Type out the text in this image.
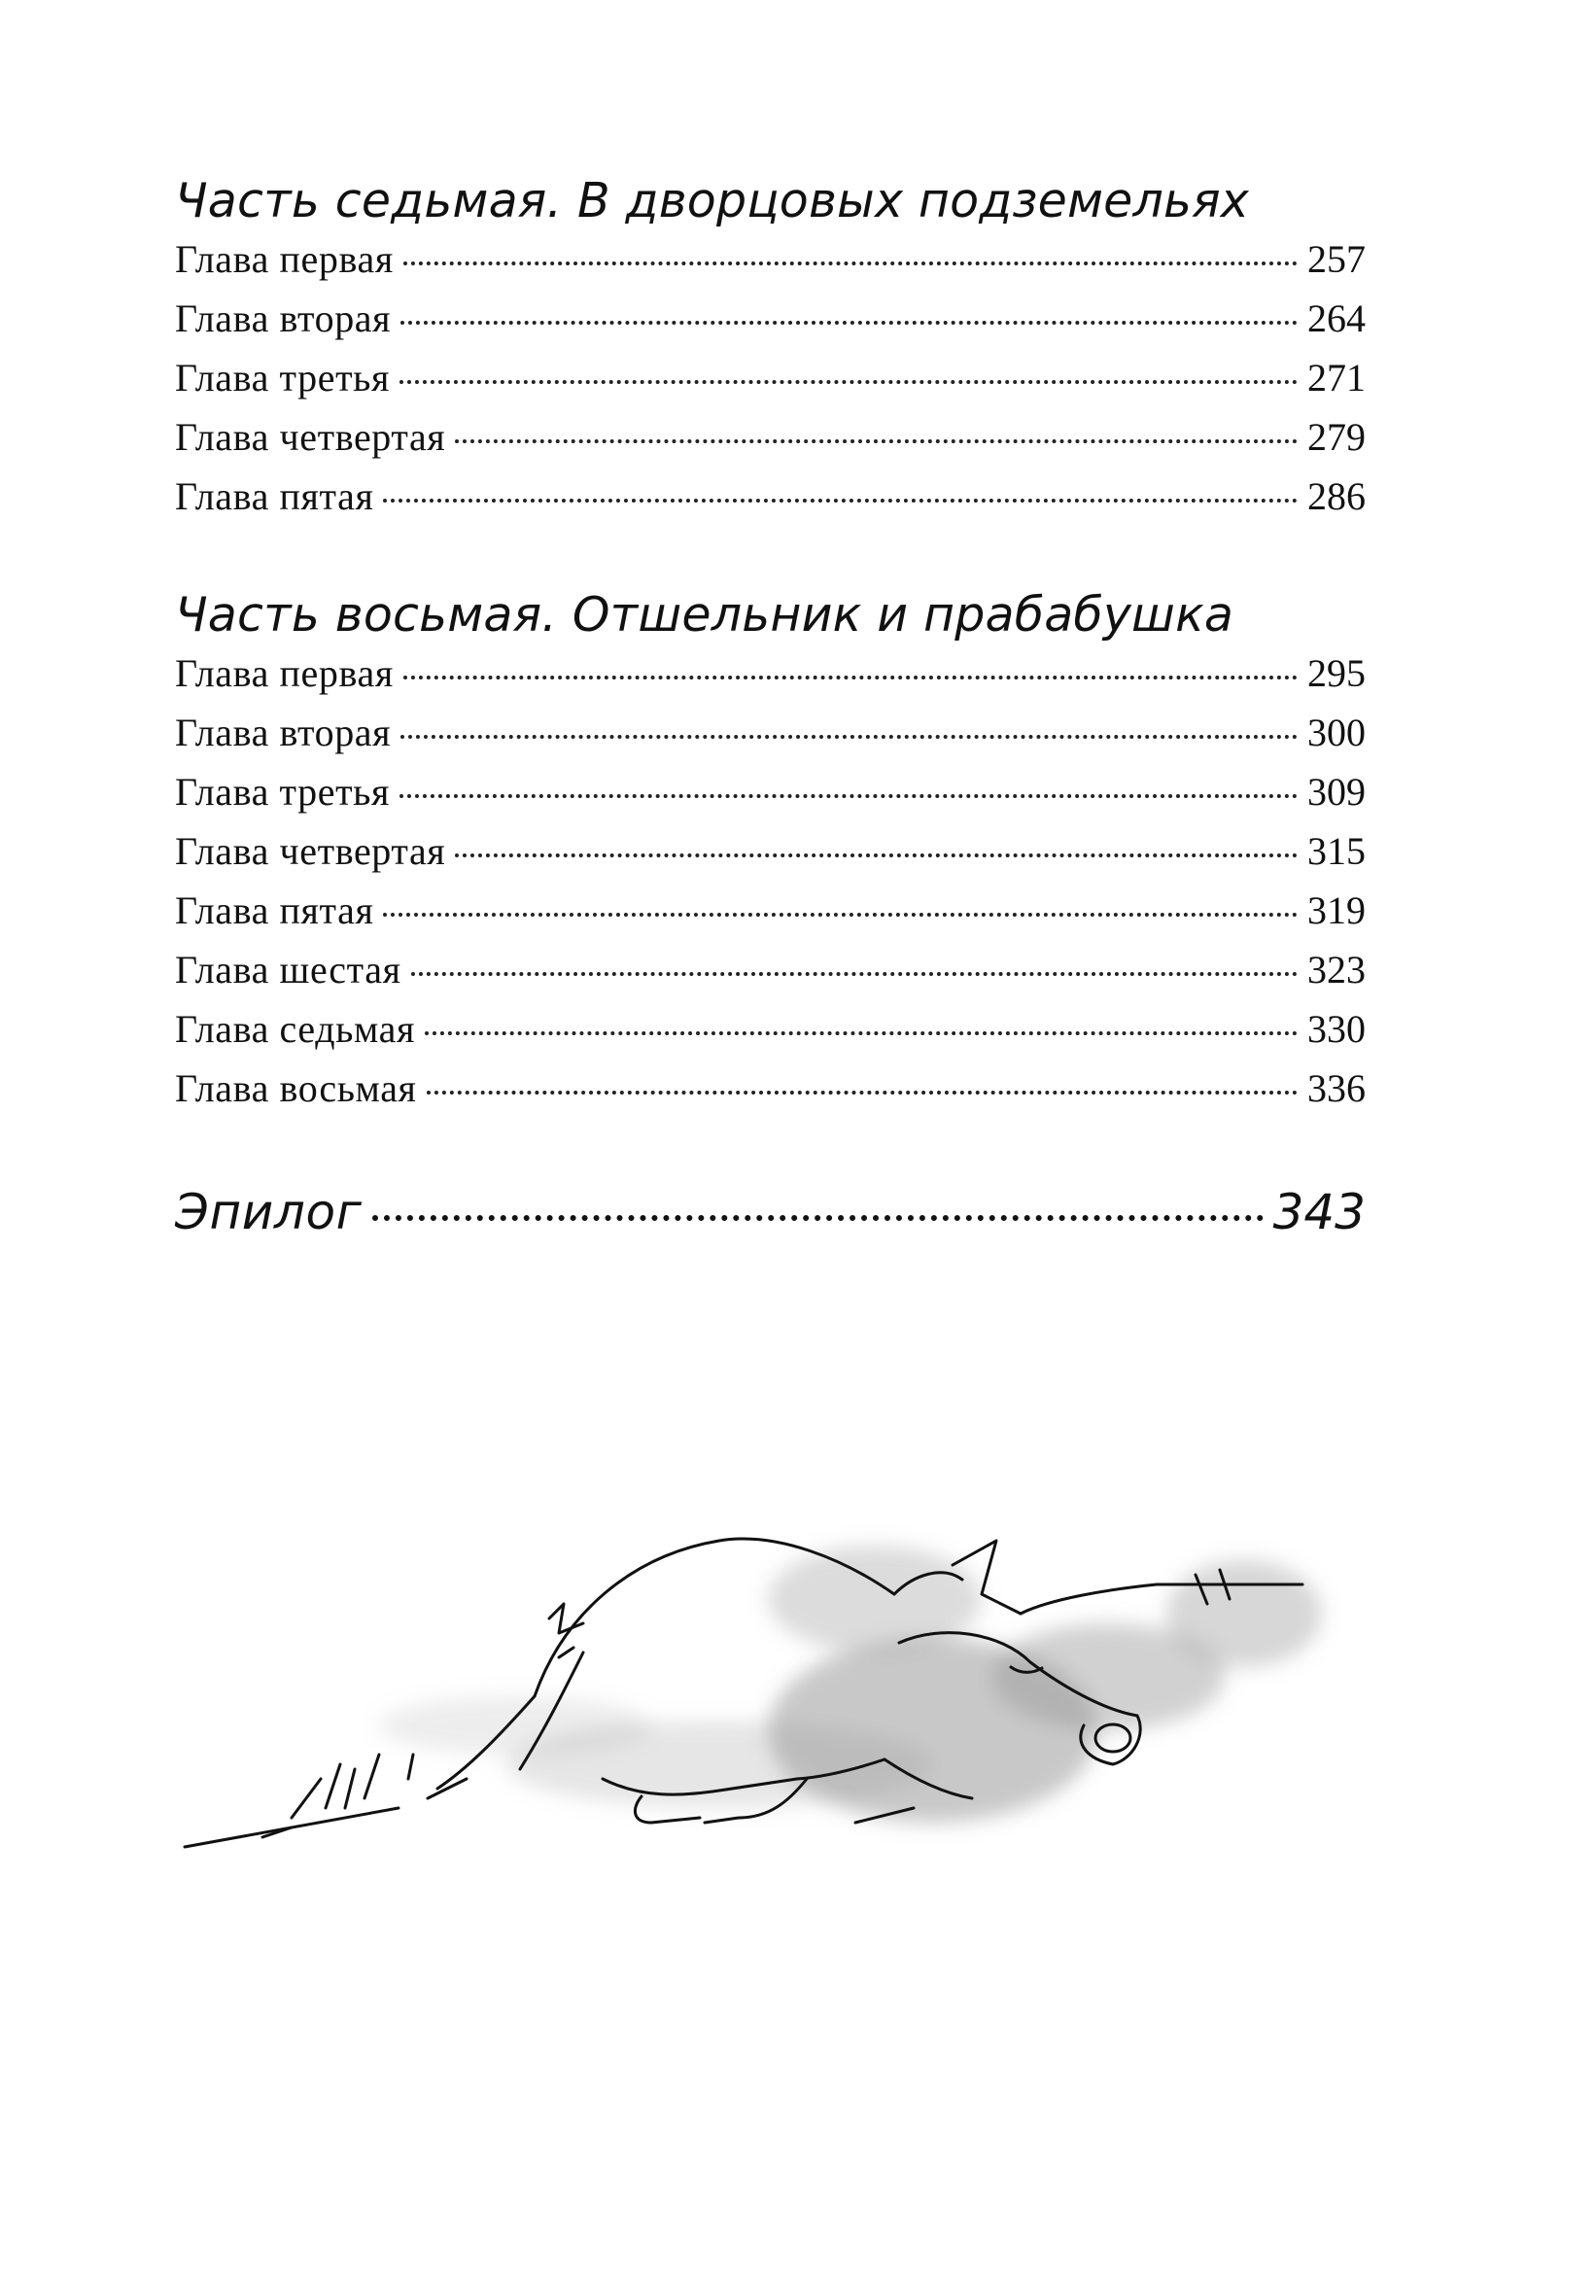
Часть седьмая. В дворцовых подземельях
Глава первая	257
Глава вторая	264
Глава третья	271
Глава четвертая	279
Глава пятая	286
Часть восьмая. Отшельник и прабабушка
Глава первая	295
Глава вторая	300
Глава третья	309
Глава четвертая	315
Глава пятая	319
Глава шестая	323
Глава седьмая	330
Глава восьмая	336
Эпилог	343
